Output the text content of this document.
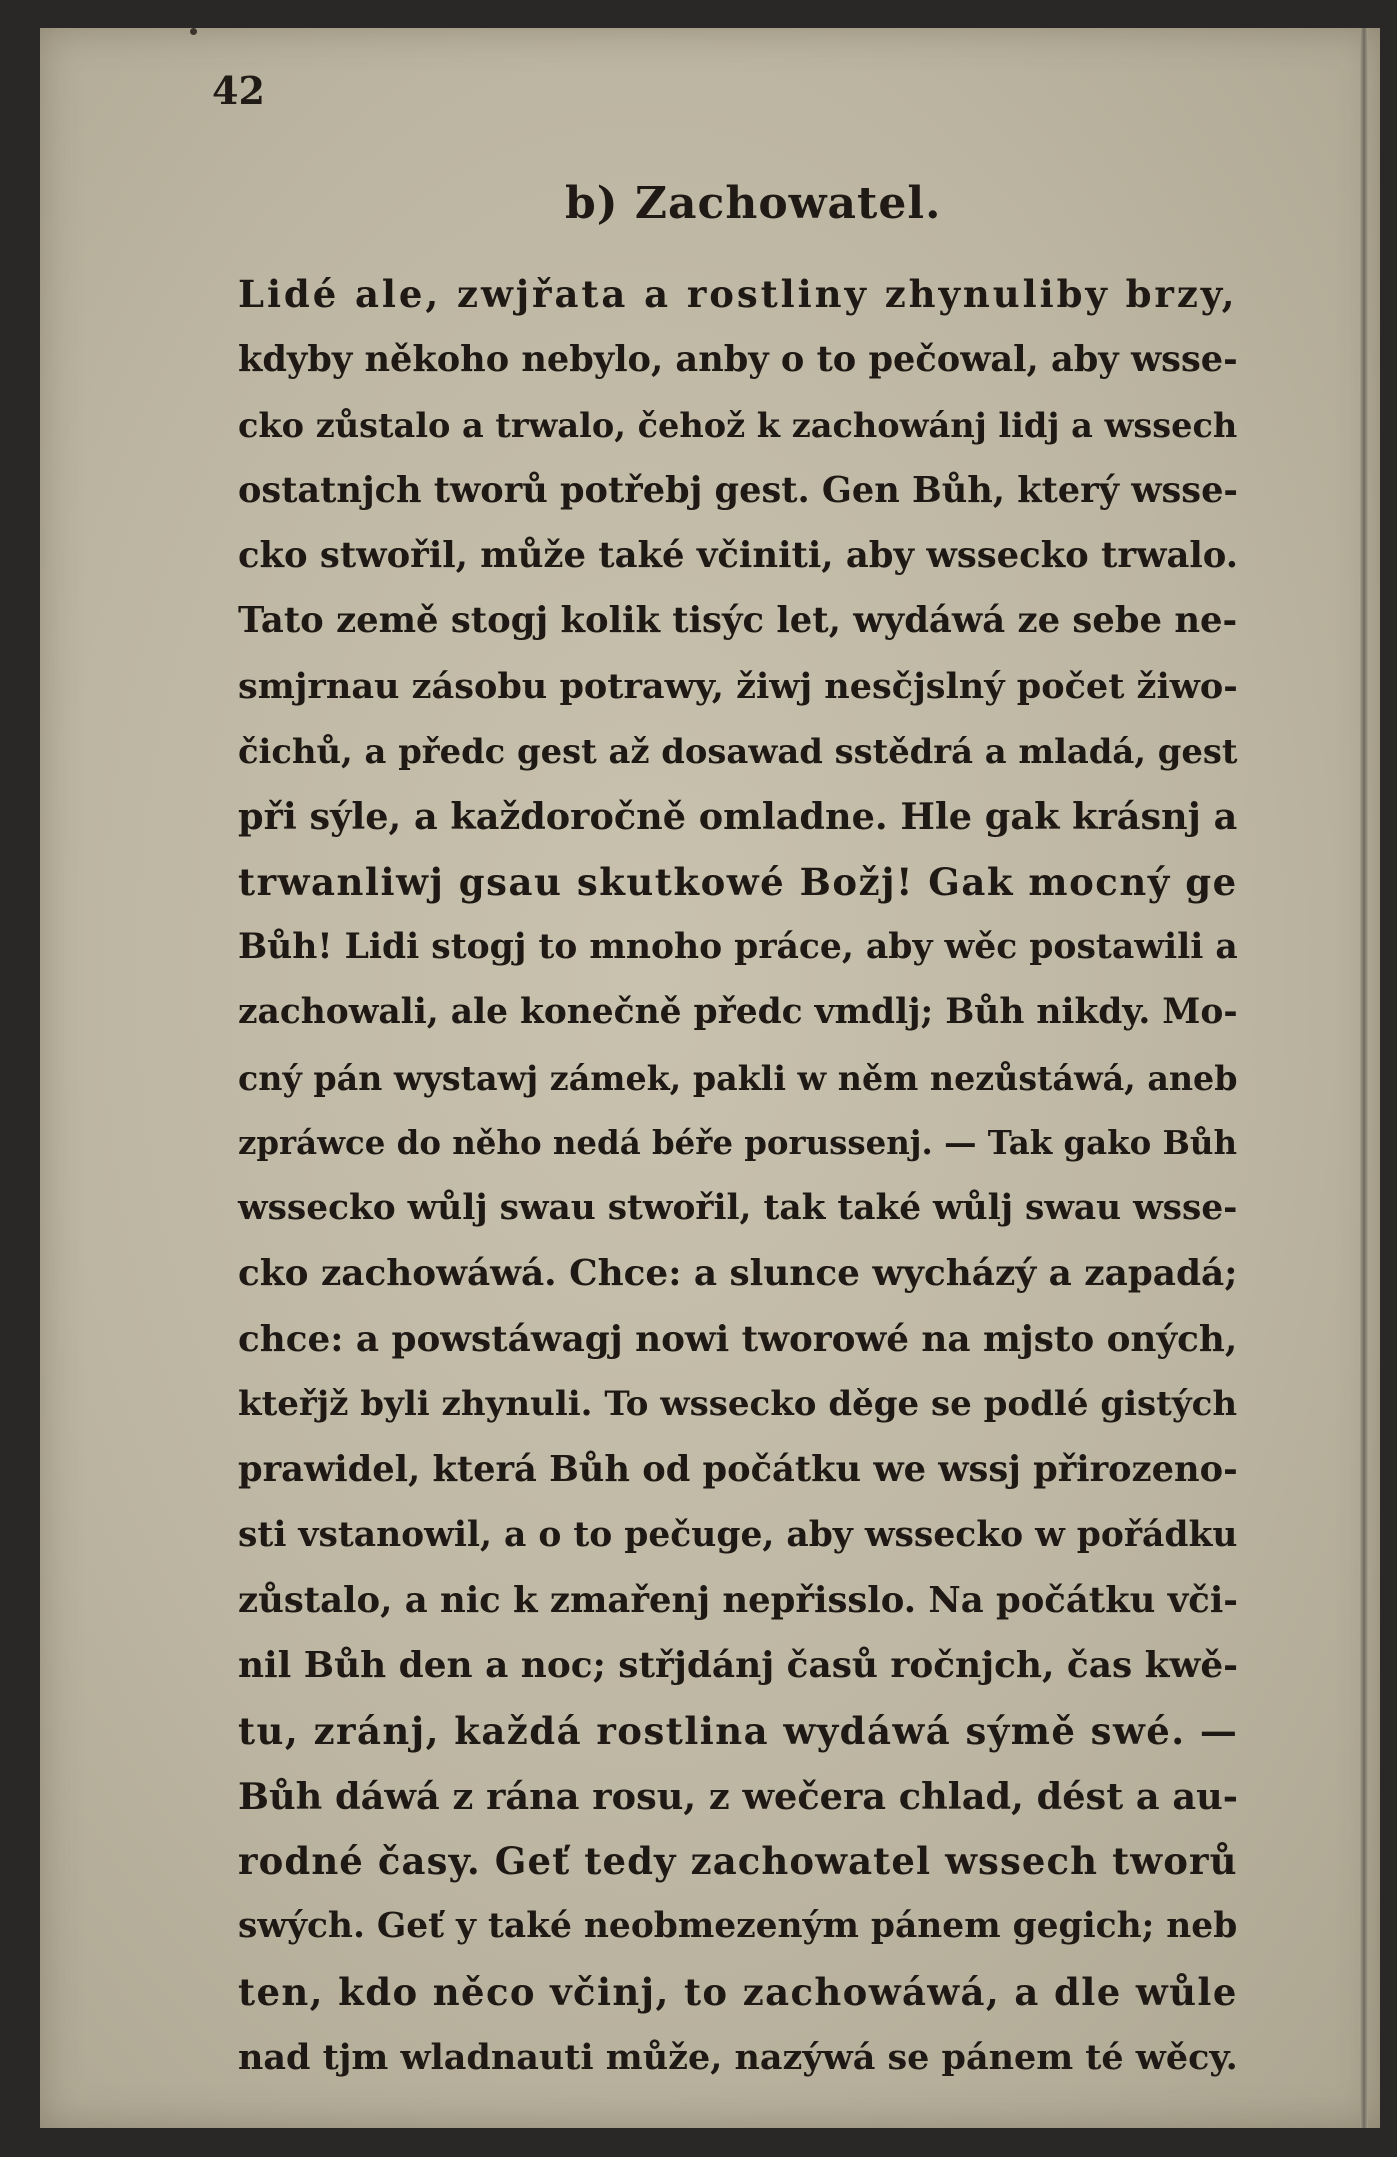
42
b) Zachowatel.
Lidé ale, zwjřata a rostliny zhynuliby brzy,
kdyby někoho nebylo, anby o to pečowal, aby wsse-
cko zůstalo a trwalo, čehož k zachowánj lidj a wssech
ostatnjch tworů potřebj gest. Gen Bůh, který wsse-
cko stwořil, může také včiniti, aby wssecko trwalo.
Tato země stogj kolik tisýc let, wydáwá ze sebe ne-
smjrnau zásobu potrawy, žiwj nesčjslný počet žiwo-
čichů, a předc gest až dosawad sstědrá a mladá, gest
při sýle, a každoročně omladne. Hle gak krásnj a
trwanliwj gsau skutkowé Božj! Gak mocný ge
Bůh! Lidi stogj to mnoho práce, aby wěc postawili a
zachowali, ale konečně předc vmdlj; Bůh nikdy. Mo-
cný pán wystawj zámek, pakli w něm nezůstáwá, aneb
zpráwce do něho nedá béře porussenj. — Tak gako Bůh
wssecko wůlj swau stwořil, tak také wůlj swau wsse-
cko zachowáwá. Chce: a slunce wycházý a zapadá;
chce: a powstáwagj nowi tworowé na mjsto oných,
kteřjž byli zhynuli. To wssecko děge se podlé gistých
prawidel, která Bůh od počátku we wssj přirozeno-
sti vstanowil, a o to pečuge, aby wssecko w pořádku
zůstalo, a nic k zmařenj nepřisslo. Na počátku vči-
nil Bůh den a noc; střjdánj časů ročnjch, čas kwě-
tu, zránj, každá rostlina wydáwá sýmě swé. —
Bůh dáwá z rána rosu, z wečera chlad, dést a au-
rodné časy. Geť tedy zachowatel wssech tworů
swých. Geť y také neobmezeným pánem gegich; neb
ten, kdo něco včinj, to zachowáwá, a dle wůle
nad tjm wladnauti může, nazýwá se pánem té wěcy.
